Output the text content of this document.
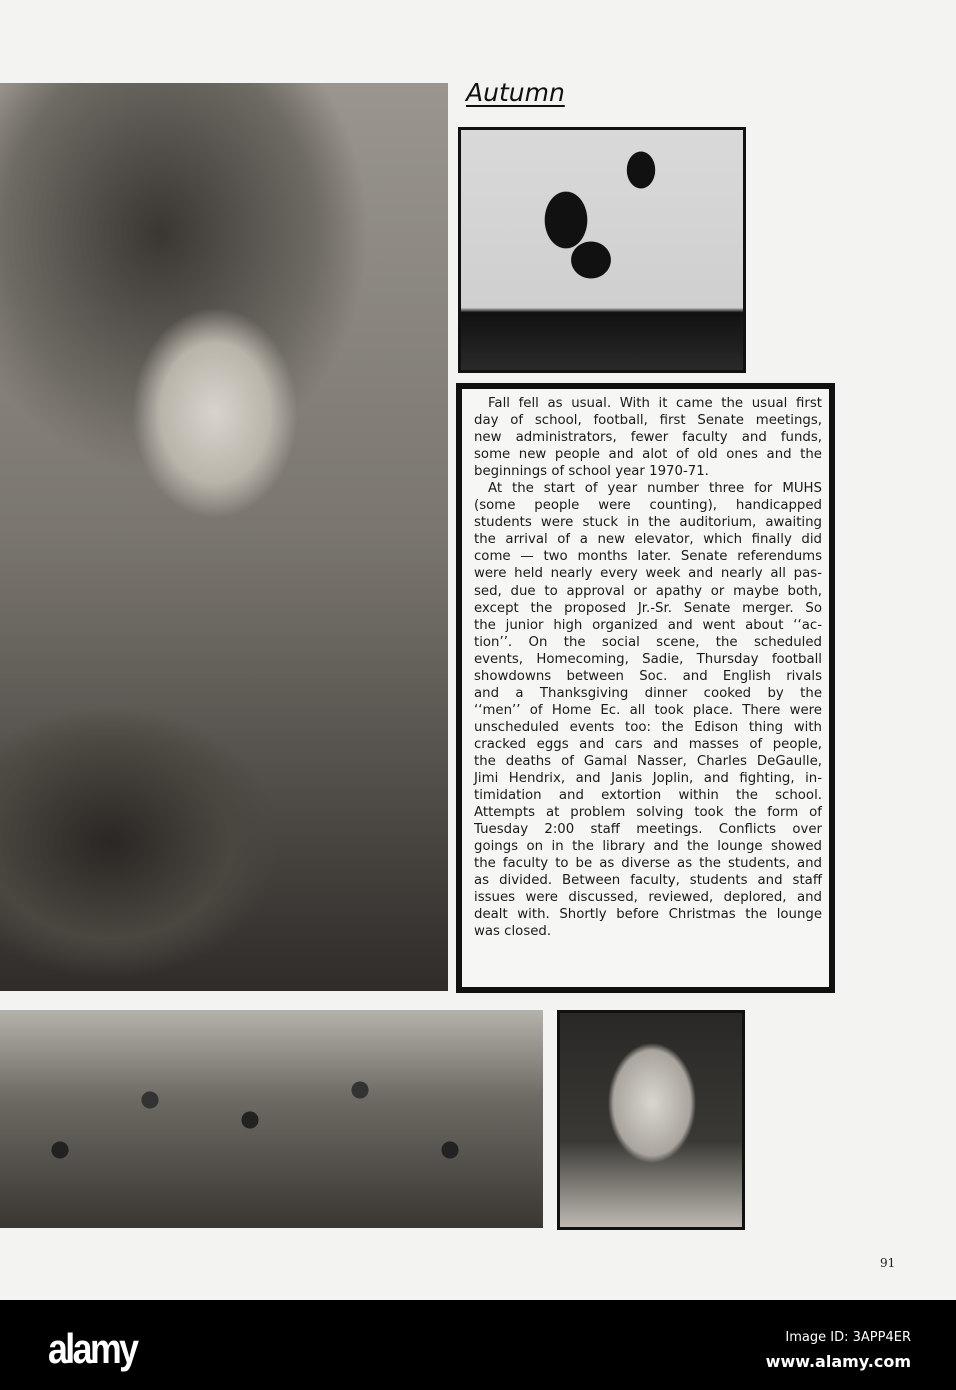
Autumn
Fall fell as usual. With it came the usual first
day of school, football, first Senate meetings,
new administrators, fewer faculty and funds,
some new people and alot of old ones and the
beginnings of school year 1970-71.
At the start of year number three for MUHS
(some people were counting), handicapped
students were stuck in the auditorium, awaiting
the arrival of a new elevator, which finally did
come — two months later. Senate referendums
were held nearly every week and nearly all pas-
sed, due to approval or apathy or maybe both,
except the proposed Jr.-Sr. Senate merger. So
the junior high organized and went about ‘‘ac-
tion’’. On the social scene, the scheduled
events, Homecoming, Sadie, Thursday football
showdowns between Soc. and English rivals
and a Thanksgiving dinner cooked by the
‘‘men’’ of Home Ec. all took place. There were
unscheduled events too: the Edison thing with
cracked eggs and cars and masses of people,
the deaths of Gamal Nasser, Charles DeGaulle,
Jimi Hendrix, and Janis Joplin, and fighting, in-
timidation and extortion within the school.
Attempts at problem solving took the form of
Tuesday 2:00 staff meetings. Conflicts over
goings on in the library and the lounge showed
the faculty to be as diverse as the students, and
as divided. Between faculty, students and staff
issues were discussed, reviewed, deplored, and
dealt with. Shortly before Christmas the lounge
was closed.
91
alamy	Image ID: 3APP4ER
www.alamy.com
